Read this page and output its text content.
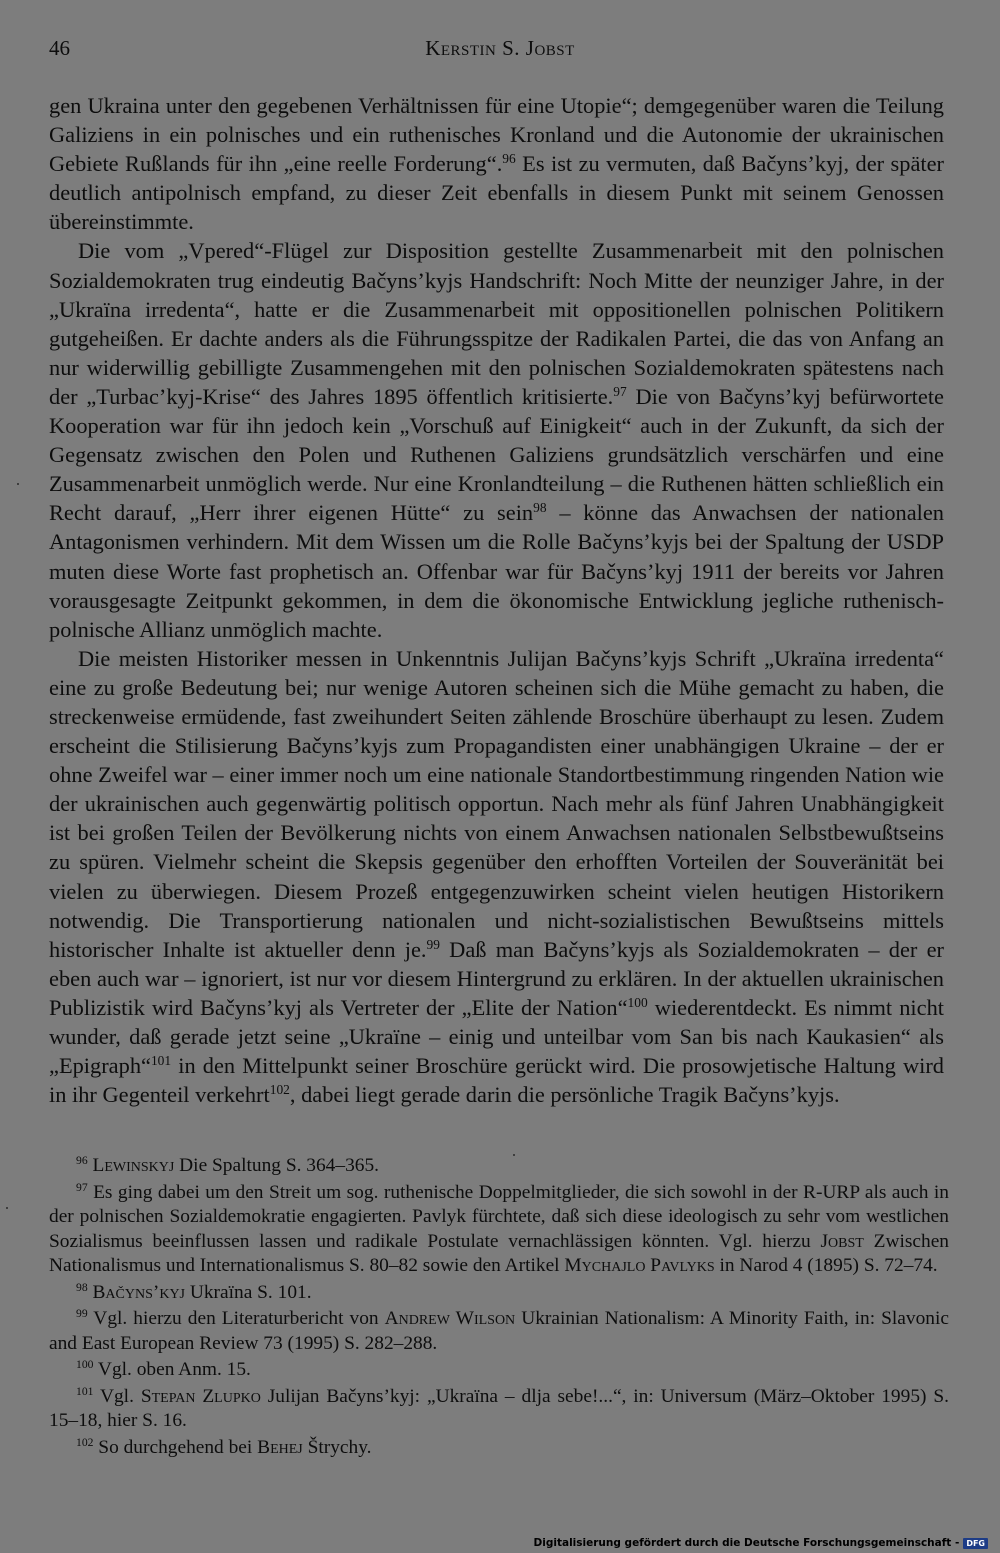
46	Kerstin S. Jobst

gen Ukraina unter den gegebenen Verhältnissen für eine Utopie“; demgegenüber waren die Teilung Galiziens in ein polnisches und ein ruthenisches Kronland und die Autonomie der ukrainischen Gebiete Rußlands für ihn „eine reelle Forderung“.$^{96}$ Es ist zu vermuten, daß Bačyns’kyj, der später deutlich antipolnisch empfand, zu dieser Zeit ebenfalls in diesem Punkt mit seinem Genossen übereinstimmte.

Die vom „Vpered“-Flügel zur Disposition gestellte Zusammenarbeit mit den polnischen Sozialdemokraten trug eindeutig Bačyns’kyjs Handschrift: Noch Mitte der neunziger Jahre, in der „Ukraïna irredenta“, hatte er die Zusammenarbeit mit oppositionellen polnischen Politikern gutgeheißen. Er dachte anders als die Führungsspitze der Radikalen Partei, die das von Anfang an nur widerwillig gebilligte Zusammengehen mit den polnischen Sozialdemokraten spätestens nach der „Turbac’kyj-Krise“ des Jahres 1895 öffentlich kritisierte.$^{97}$ Die von Bačyns’kyj befürwortete Kooperation war für ihn jedoch kein „Vorschuß auf Einigkeit“ auch in der Zukunft, da sich der Gegensatz zwischen den Polen und Ruthenen Galiziens grundsätzlich verschärfen und eine Zusammenarbeit unmöglich werde. Nur eine Kronlandteilung – die Ruthenen hätten schließlich ein Recht darauf, „Herr ihrer eigenen Hütte“ zu sein$^{98}$ – könne das Anwachsen der nationalen Antagonismen verhindern. Mit dem Wissen um die Rolle Bačyns’kyjs bei der Spaltung der USDP muten diese Worte fast prophetisch an. Offenbar war für Bačyns’kyj 1911 der bereits vor Jahren vorausgesagte Zeitpunkt gekommen, in dem die ökonomische Entwicklung jegliche ruthenisch-polnische Allianz unmöglich machte.

Die meisten Historiker messen in Unkenntnis Julijan Bačyns’kyjs Schrift „Ukraïna irredenta“ eine zu große Bedeutung bei; nur wenige Autoren scheinen sich die Mühe gemacht zu haben, die streckenweise ermüdende, fast zweihundert Seiten zählende Broschüre überhaupt zu lesen. Zudem erscheint die Stilisierung Bačyns’kyjs zum Propagandisten einer unabhängigen Ukraine – der er ohne Zweifel war – einer immer noch um eine nationale Standortbestimmung ringenden Nation wie der ukrainischen auch gegenwärtig politisch opportun. Nach mehr als fünf Jahren Unabhängigkeit ist bei großen Teilen der Bevölkerung nichts von einem Anwachsen nationalen Selbstbewußtseins zu spüren. Vielmehr scheint die Skepsis gegenüber den erhofften Vorteilen der Souveränität bei vielen zu überwiegen. Diesem Prozeß entgegenzuwirken scheint vielen heutigen Historikern notwendig. Die Transportierung nationalen und nicht-sozialistischen Bewußtseins mittels historischer Inhalte ist aktueller denn je.$^{99}$ Daß man Bačyns’kyjs als Sozialdemokraten – der er eben auch war – ignoriert, ist nur vor diesem Hintergrund zu erklären. In der aktuellen ukrainischen Publizistik wird Bačyns’kyj als Vertreter der „Elite der Nation“$^{100}$ wiederentdeckt. Es nimmt nicht wunder, daß gerade jetzt seine „Ukraïne – einig und unteilbar vom San bis nach Kaukasien“ als „Epigraph“$^{101}$ in den Mittelpunkt seiner Broschüre gerückt wird. Die prosowjetische Haltung wird in ihr Gegenteil verkehrt$^{102}$, dabei liegt gerade darin die persönliche Tragik Bačyns’kyjs.

$^{96}$ Lewinskyj Die Spaltung S. 364–365.

$^{97}$ Es ging dabei um den Streit um sog. ruthenische Doppelmitglieder, die sich sowohl in der R-URP als auch in der polnischen Sozialdemokratie engagierten. Pavlyk fürchtete, daß sich diese ideologisch zu sehr vom westlichen Sozialismus beeinflussen lassen und radikale Postulate vernachlässigen könnten. Vgl. hierzu Jobst Zwischen Nationalismus und Internationalismus S. 80–82 sowie den Artikel Mychajlo Pavlyks in Narod 4 (1895) S. 72–74.

$^{98}$ Bačyns’kyj Ukraïna S. 101.

$^{99}$ Vgl. hierzu den Literaturbericht von Andrew Wilson Ukrainian Nationalism: A Minority Faith, in: Slavonic and East European Review 73 (1995) S. 282–288.

$^{100}$ Vgl. oben Anm. 15.

$^{101}$ Vgl. Stepan Zlupko Julijan Bačyns’kyj: „Ukraïna – dlja sebe!...“, in: Universum (März–Oktober 1995) S. 15–18, hier S. 16.

$^{102}$ So durchgehend bei Behej Štrychy.

Digitalisierung gefördert durch die Deutsche Forschungsgemeinschaft - DFG
